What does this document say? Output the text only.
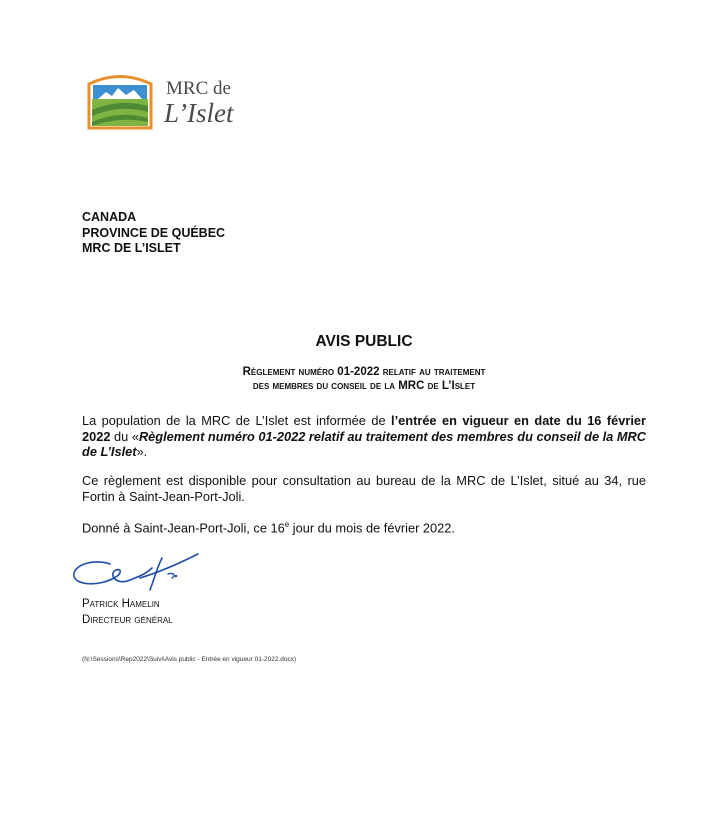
MRC de
L’Islet
CANADA
PROVINCE DE QUÉBEC
MRC DE L’ISLET
AVIS PUBLIC
Règlement numéro 01-2022 relatif au traitement
des membres du conseil de la MRC de L’Islet

La population de la MRC de L’Islet est informée de l’entrée en vigueur en date du 16 février 2022 du «Règlement numéro 01-2022 relatif au traitement des membres du conseil de la MRC de L’Islet».

Ce règlement est disponible pour consultation au bureau de la MRC de L’Islet, situé au 34, rue Fortin à Saint-Jean-Port-Joli.

Donné à Saint-Jean-Port-Joli, ce 16e jour du mois de février 2022.

Patrick Hamelin
Directeur général
(N:\Sessions\Rep2022\Suivi\Avis public - Entrée en vigueur 01-2022.docx)
